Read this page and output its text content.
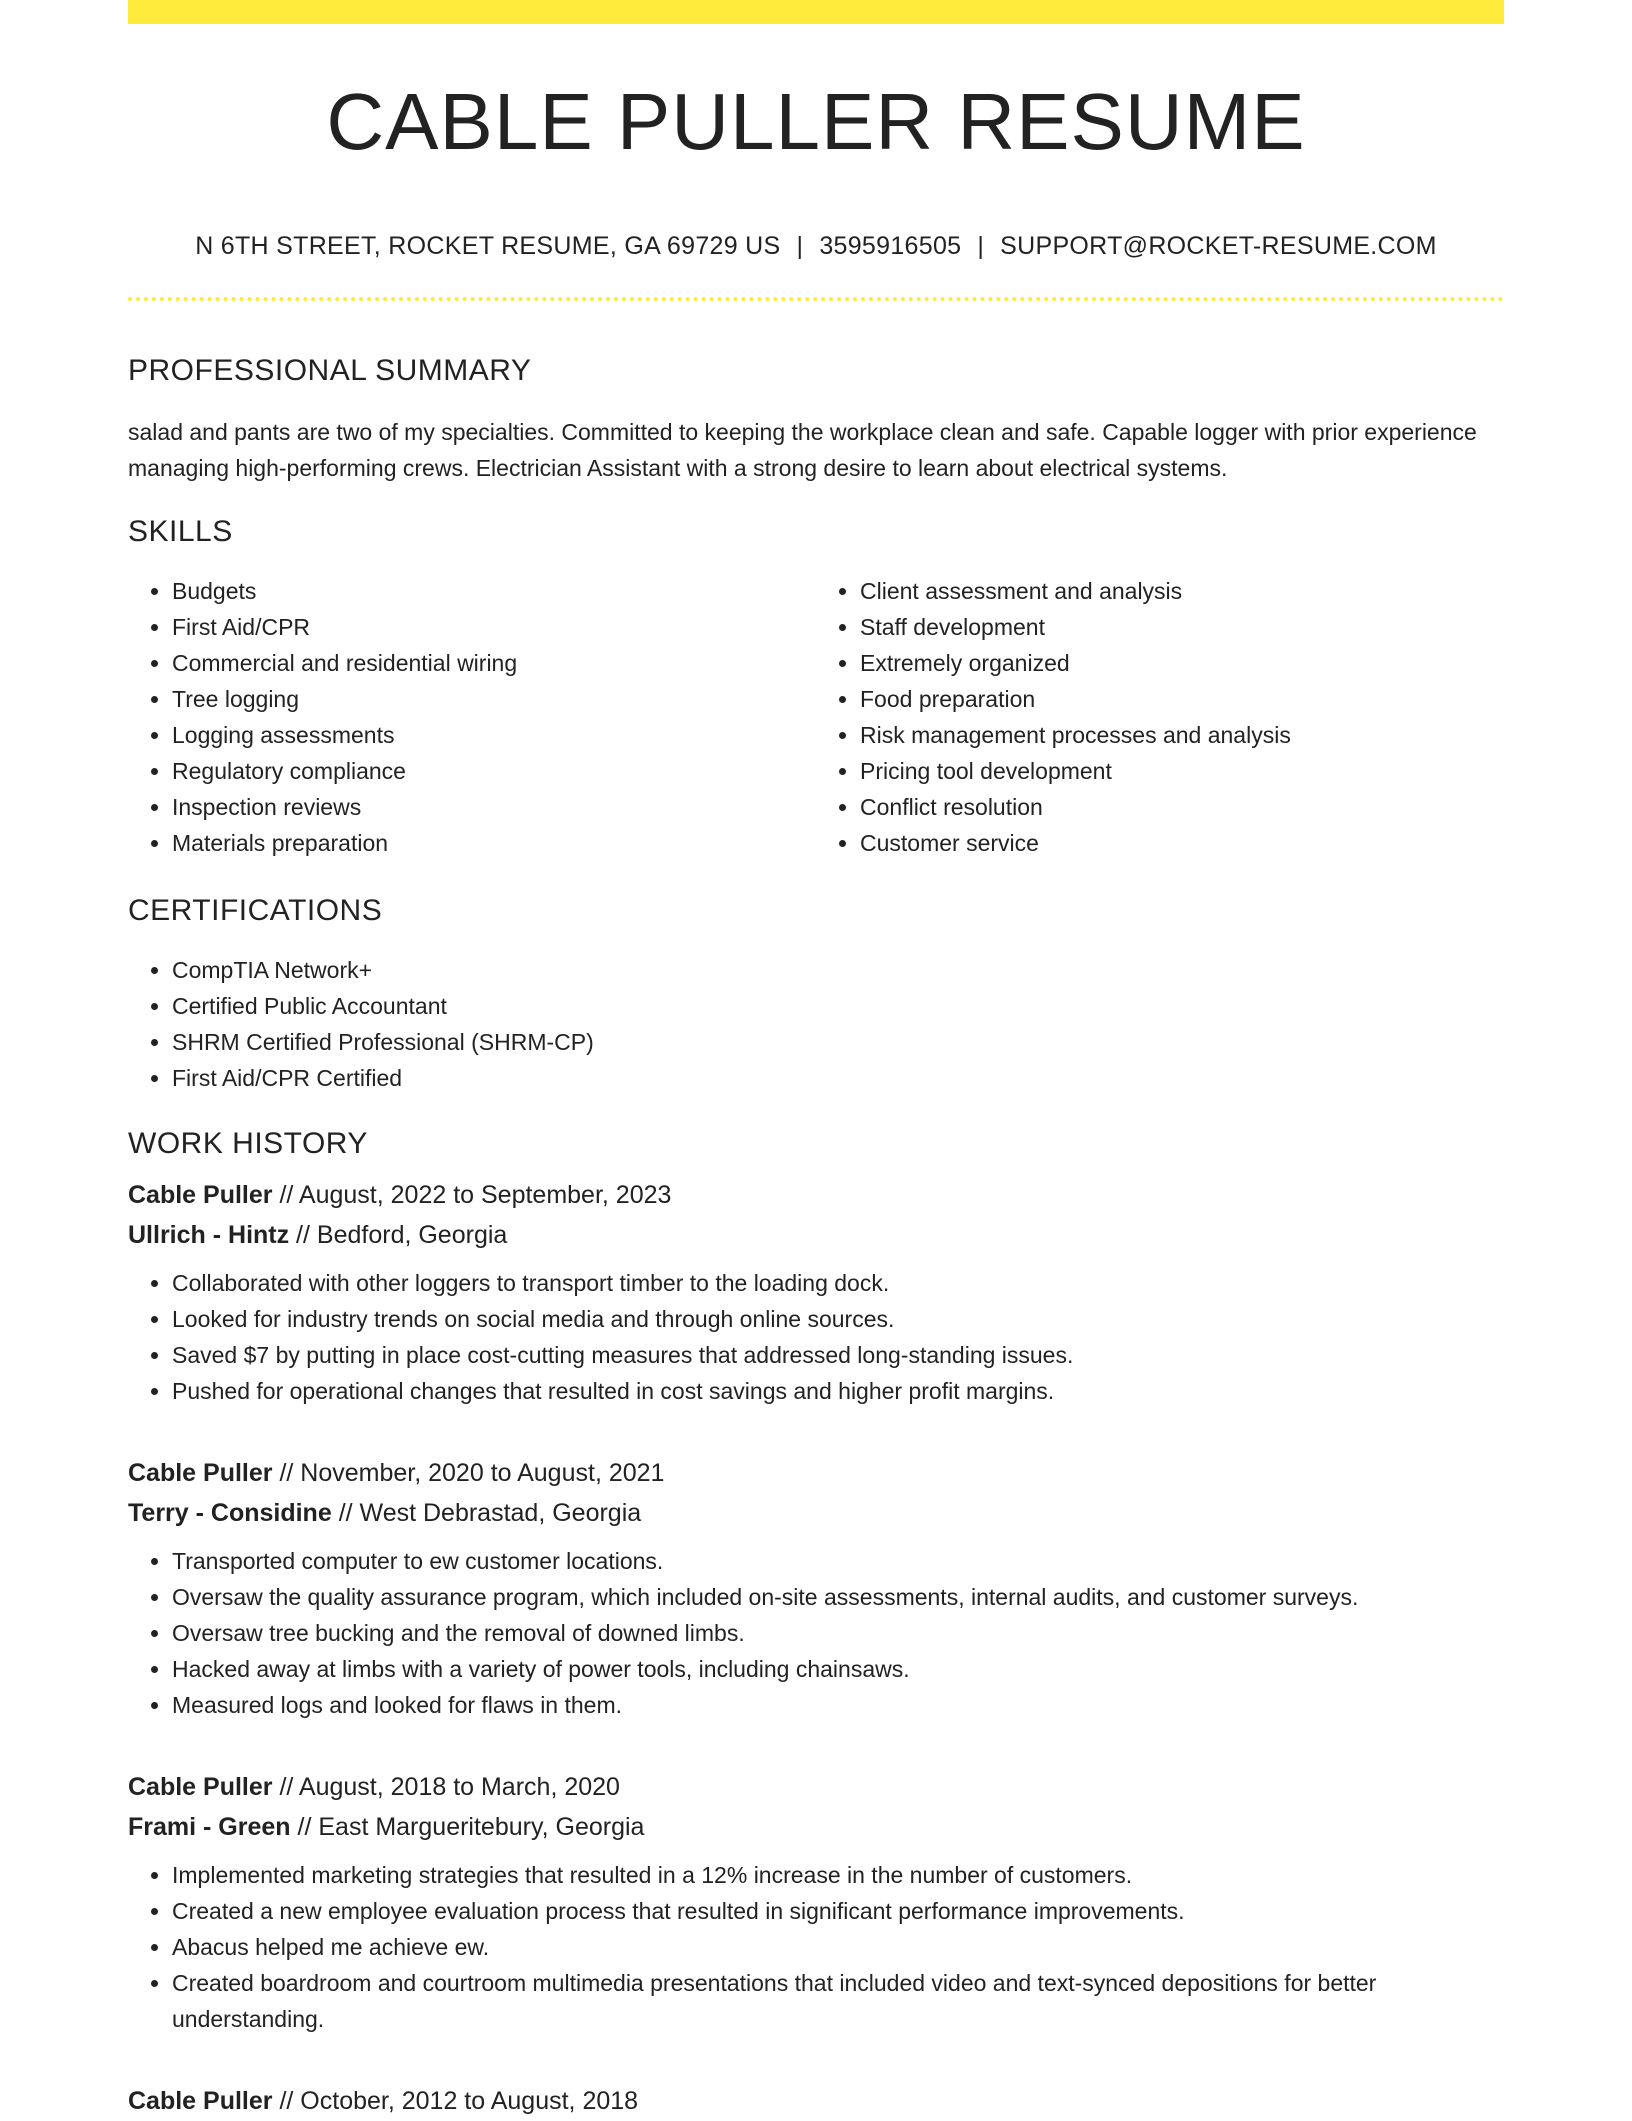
CABLE PULLER RESUME
N 6TH STREET, ROCKET RESUME, GA 69729 US | 3595916505 | SUPPORT@ROCKET-RESUME.COM
PROFESSIONAL SUMMARY

salad and pants are two of my specialties. Committed to keeping the workplace clean and safe. Capable logger with prior experience managing high-performing crews. Electrician Assistant with a strong desire to learn about electrical systems.

SKILLS
• Budgets
• First Aid/CPR
• Commercial and residential wiring
• Tree logging
• Logging assessments
• Regulatory compliance
• Inspection reviews
• Materials preparation
• Client assessment and analysis
• Staff development
• Extremely organized
• Food preparation
• Risk management processes and analysis
• Pricing tool development
• Conflict resolution
• Customer service
CERTIFICATIONS
• CompTIA Network+
• Certified Public Accountant
• SHRM Certified Professional (SHRM-CP)
• First Aid/CPR Certified
WORK HISTORY
Cable Puller // August, 2022 to September, 2023
Ullrich - Hintz // Bedford, Georgia
• Collaborated with other loggers to transport timber to the loading dock.
• Looked for industry trends on social media and through online sources.
• Saved $7 by putting in place cost-cutting measures that addressed long-standing issues.
• Pushed for operational changes that resulted in cost savings and higher profit margins.
Cable Puller // November, 2020 to August, 2021
Terry - Considine // West Debrastad, Georgia
• Transported computer to ew customer locations.
• Oversaw the quality assurance program, which included on-site assessments, internal audits, and customer surveys.
• Oversaw tree bucking and the removal of downed limbs.
• Hacked away at limbs with a variety of power tools, including chainsaws.
• Measured logs and looked for flaws in them.
Cable Puller // August, 2018 to March, 2020
Frami - Green // East Margueritebury, Georgia
• Implemented marketing strategies that resulted in a 12% increase in the number of customers.
• Created a new employee evaluation process that resulted in significant performance improvements.
• Abacus helped me achieve ew.
• Created boardroom and courtroom multimedia presentations that included video and text-synced depositions for better understanding.
Cable Puller // October, 2012 to August, 2018
